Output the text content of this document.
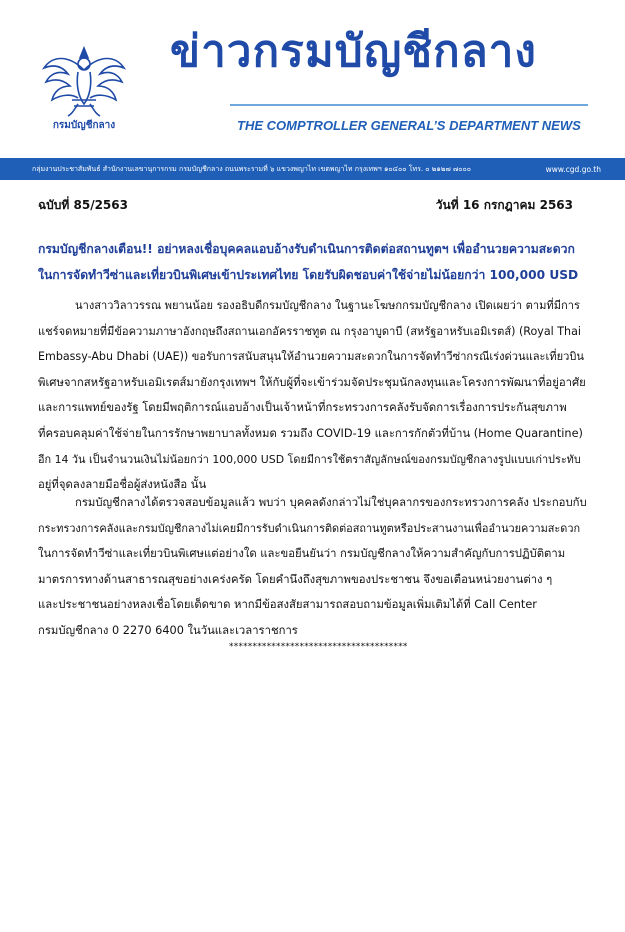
กรมบัญชีกลาง
ข่าวกรมบัญชีกลาง
THE COMPTROLLER GENERAL’S DEPARTMENT NEWS
กลุ่มงานประชาสัมพันธ์ สำนักงานเลขานุการกรม กรมบัญชีกลาง ถนนพระรามที่ ๖ แขวงพญาไท เขตพญาไท กรุงเทพฯ ๑๐๔๐๐ โทร. ๐ ๒๑๒๗ ๗๐๐๐	www.cgd.go.th
ฉบับที่ 85/2563	วันที่ 16 กรกฎาคม 2563
กรมบัญชีกลางเตือน!! อย่าหลงเชื่อบุคคลแอบอ้างรับดำเนินการติดต่อสถานทูตฯ เพื่ออำนวยความสะดวก
ในการจัดทำวีซ่าและเที่ยวบินพิเศษเข้าประเทศไทย โดยรับผิดชอบค่าใช้จ่ายไม่น้อยกว่า 100,000 USD
นางสาววิลาวรรณ พยานน้อย รองอธิบดีกรมบัญชีกลาง ในฐานะโฆษกกรมบัญชีกลาง เปิดเผยว่า ตามที่มีการ
แชร์จดหมายที่มีข้อความภาษาอังกฤษถึงสถานเอกอัครราชทูต ณ กรุงอาบูดาบี (สหรัฐอาหรับเอมิเรตส์) (Royal Thai
Embassy-Abu Dhabi (UAE)) ขอรับการสนับสนุนให้อำนวยความสะดวกในการจัดทำวีซ่ากรณีเร่งด่วนและเที่ยวบิน
พิเศษจากสหรัฐอาหรับเอมิเรตส์มายังกรุงเทพฯ ให้กับผู้ที่จะเข้าร่วมจัดประชุมนักลงทุนและโครงการพัฒนาที่อยู่อาศัย
และการแพทย์ของรัฐ โดยมีพฤติการณ์แอบอ้างเป็นเจ้าหน้าที่กระทรวงการคลังรับจัดการเรื่องการประกันสุขภาพ
ที่ครอบคลุมค่าใช้จ่ายในการรักษาพยาบาลทั้งหมด รวมถึง COVID-19 และการกักตัวที่บ้าน (Home Quarantine)
อีก 14 วัน เป็นจำนวนเงินไม่น้อยกว่า 100,000 USD โดยมีการใช้ตราสัญลักษณ์ของกรมบัญชีกลางรูปแบบเก่าประทับ
อยู่ที่จุดลงลายมือชื่อผู้ส่งหนังสือ นั้น
กรมบัญชีกลางได้ตรวจสอบข้อมูลแล้ว พบว่า บุคคลดังกล่าวไม่ใช่บุคลากรของกระทรวงการคลัง ประกอบกับ
กระทรวงการคลังและกรมบัญชีกลางไม่เคยมีการรับดำเนินการติดต่อสถานทูตหรือประสานงานเพื่ออำนวยความสะดวก
ในการจัดทำวีซ่าและเที่ยวบินพิเศษแต่อย่างใด และขอยืนยันว่า กรมบัญชีกลางให้ความสำคัญกับการปฏิบัติตาม
มาตรการทางด้านสาธารณสุขอย่างเคร่งครัด โดยคำนึงถึงสุขภาพของประชาชน จึงขอเตือนหน่วยงานต่าง ๆ
และประชาชนอย่างหลงเชื่อโดยเด็ดขาด หากมีข้อสงสัยสามารถสอบถามข้อมูลเพิ่มเติมได้ที่ Call Center
กรมบัญชีกลาง 0 2270 6400 ในวันและเวลาราชการ
**************************************
